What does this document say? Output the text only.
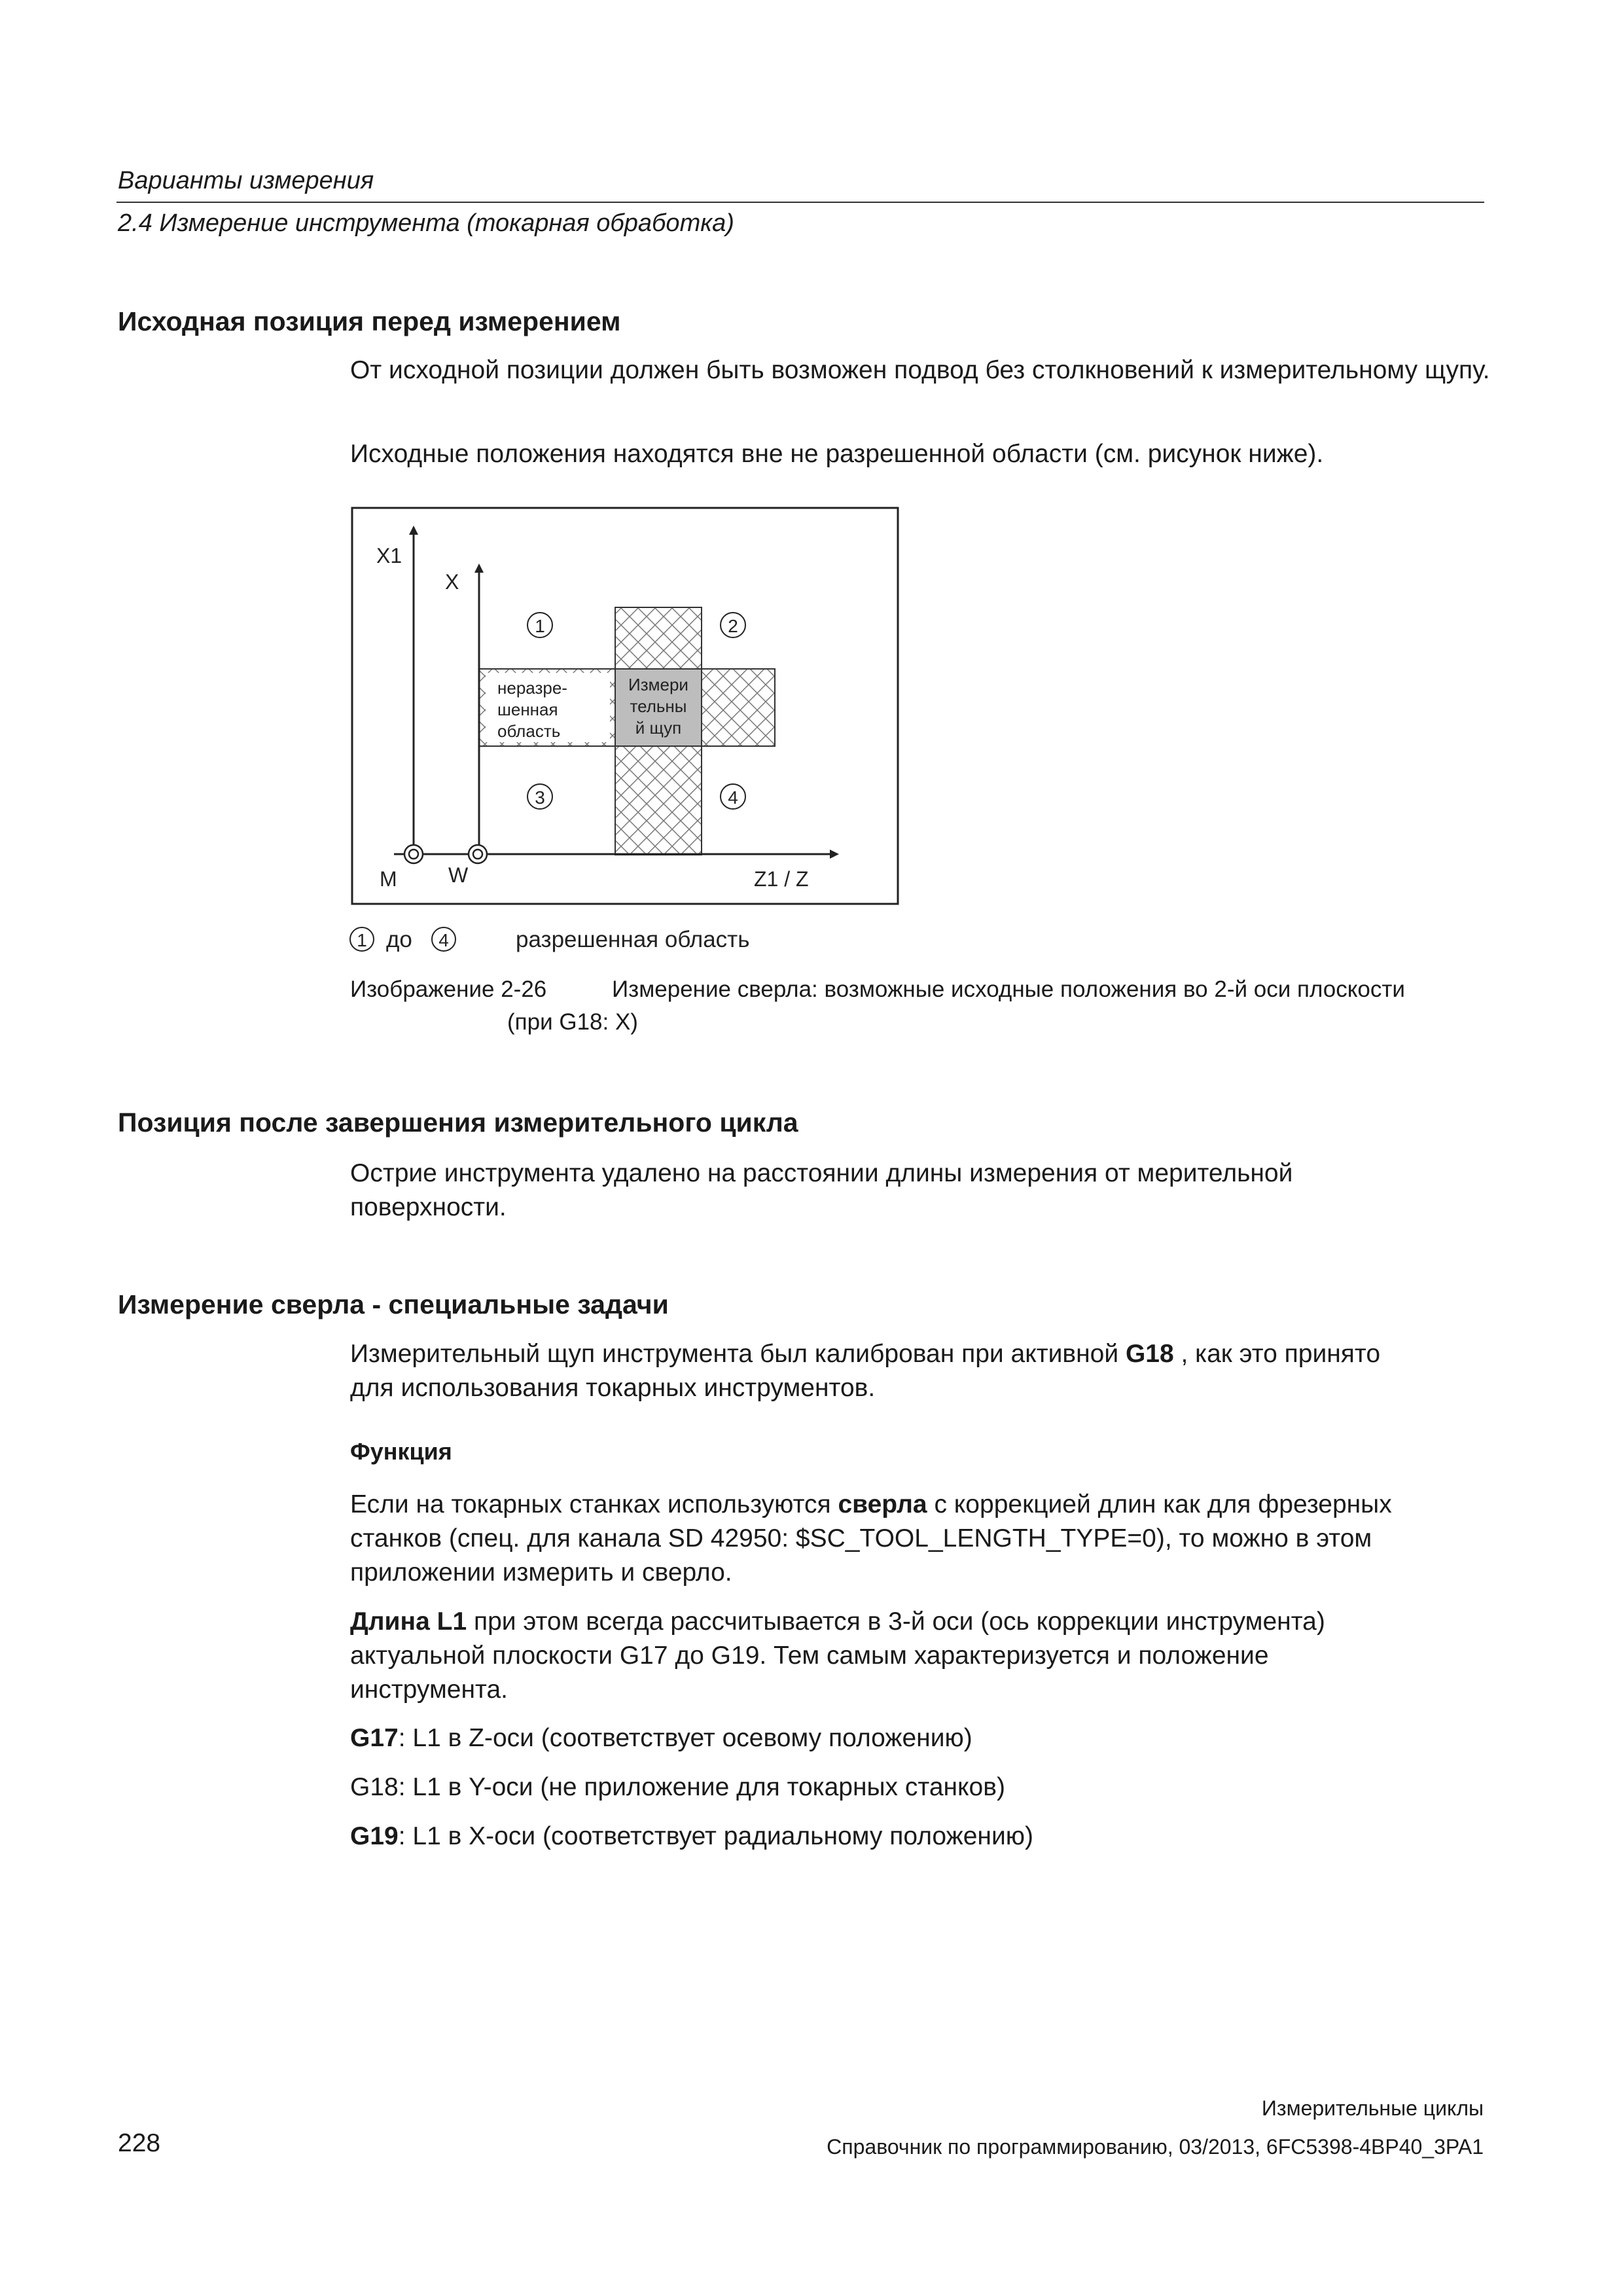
Варианты измерения
2.4 Измерение инструмента (токарная обработка)
Исходная позиция перед измерением
От исходной позиции должен быть возможен подвод без столкновений к измерительному щупу.
Исходные положения находятся вне не разрешенной области (см. рисунок ниже).
X1
X
Z1 / Z
M W
1	2
3	4
неразре-
шенная
область
Измери
тельны
й щуп
1 до 4	разрешенная область
Изображение 2-26	Измерение сверла: возможные исходные положения во 2-й оси плоскости
(при G18: X)
Позиция после завершения измерительного цикла
Острие инструмента удалено на расстоянии длины измерения от мерительной
поверхности.
Измерение сверла - специальные задачи
Измерительный щуп инструмента был калиброван при активной G18 , как это принято
для использования токарных инструментов.
Функция
Если на токарных станках используются сверла с коррекцией длин как для фрезерных
станков (спец. для канала SD 42950: $SC_TOOL_LENGTH_TYPE=0), то можно в этом
приложении измерить и сверло.
Длина L1 при этом всегда рассчитывается в 3-й оси (ось коррекции инструмента)
актуальной плоскости G17 до G19. Тем самым характеризуется и положение
инструмента.
G17: L1 в Z-оси (соответствует осевому положению)
G18: L1 в Y-оси (не приложение для токарных станков)
G19: L1 в X-оси (соответствует радиальному положению)
Измерительные циклы
228	Справочник по программированию, 03/2013, 6FC5398-4BP40_3PA1
